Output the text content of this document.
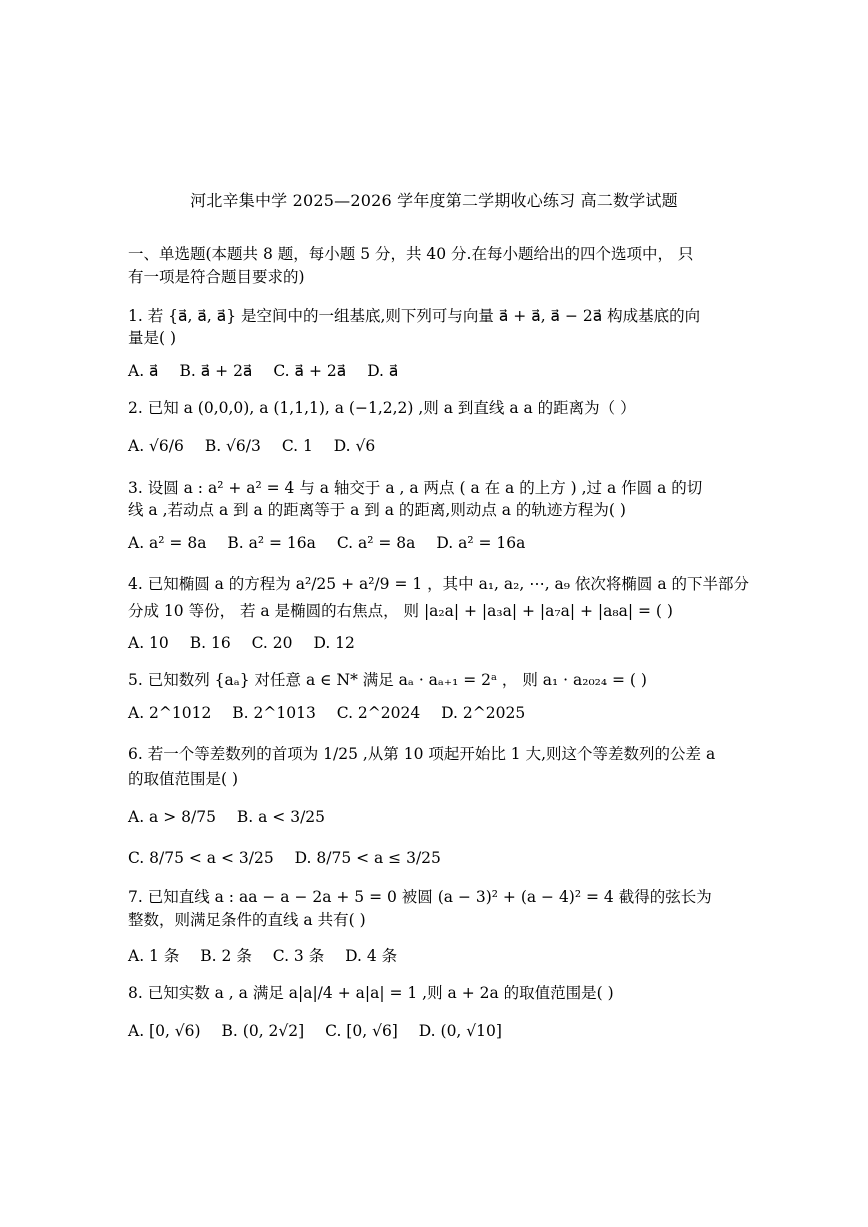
河北辛集中学 2025—2026 学年度第二学期收心练习 高二数学试题
一、单选题(本题共 8 题，每小题 5 分，共 40 分.在每小题给出的四个选项中， 只
有一项是符合题目要求的)
1. 若 {a⃗, a⃗, a⃗} 是空间中的一组基底,则下列可与向量 a⃗ + a⃗, a⃗ − 2a⃗ 构成基底的向
量是( )
A. a⃗ B. a⃗ + 2a⃗ C. a⃗ + 2a⃗ D. a⃗
2. 已知 a (0,0,0), a (1,1,1), a (−1,2,2) ,则 a 到直线 a a 的距离为（ ）
A. √6/6 B. √6/3 C. 1 D. √6
3. 设圆 a : a² + a² = 4 与 a 轴交于 a , a 两点 ( a 在 a 的上方 ) ,过 a 作圆 a 的切
线 a ,若动点 a 到 a 的距离等于 a 到 a 的距离,则动点 a 的轨迹方程为( )
A. a² = 8a B. a² = 16a C. a² = 8a D. a² = 16a
4. 已知椭圆 a 的方程为 a²/25 + a²/9 = 1 ，其中 a₁, a₂, ⋯, a₉ 依次将椭圆 a 的下半部分
分成 10 等份， 若 a 是椭圆的右焦点， 则 |a₂a| + |a₃a| + |a₇a| + |a₈a| = ( )
A. 10 B. 16 C. 20 D. 12
5. 已知数列 {aₐ} 对任意 a ∈ N* 满足 aₐ · aₐ₊₁ = 2ᵃ ， 则 a₁ · a₂₀₂₄ = ( )
A. 2^1012 B. 2^1013 C. 2^2024 D. 2^2025
6. 若一个等差数列的首项为 1/25 ,从第 10 项起开始比 1 大,则这个等差数列的公差 a
的取值范围是( )
A. a > 8/75 B. a < 3/25
C. 8/75 < a < 3/25 D. 8/75 < a ≤ 3/25
7. 已知直线 a : aa − a − 2a + 5 = 0 被圆 (a − 3)² + (a − 4)² = 4 截得的弦长为
整数，则满足条件的直线 a 共有( )
A. 1 条 B. 2 条 C. 3 条 D. 4 条
8. 已知实数 a , a 满足 a|a|/4 + a|a| = 1 ,则 a + 2a 的取值范围是( )
A. [0, √6) B. (0, 2√2] C. [0, √6] D. (0, √10]
